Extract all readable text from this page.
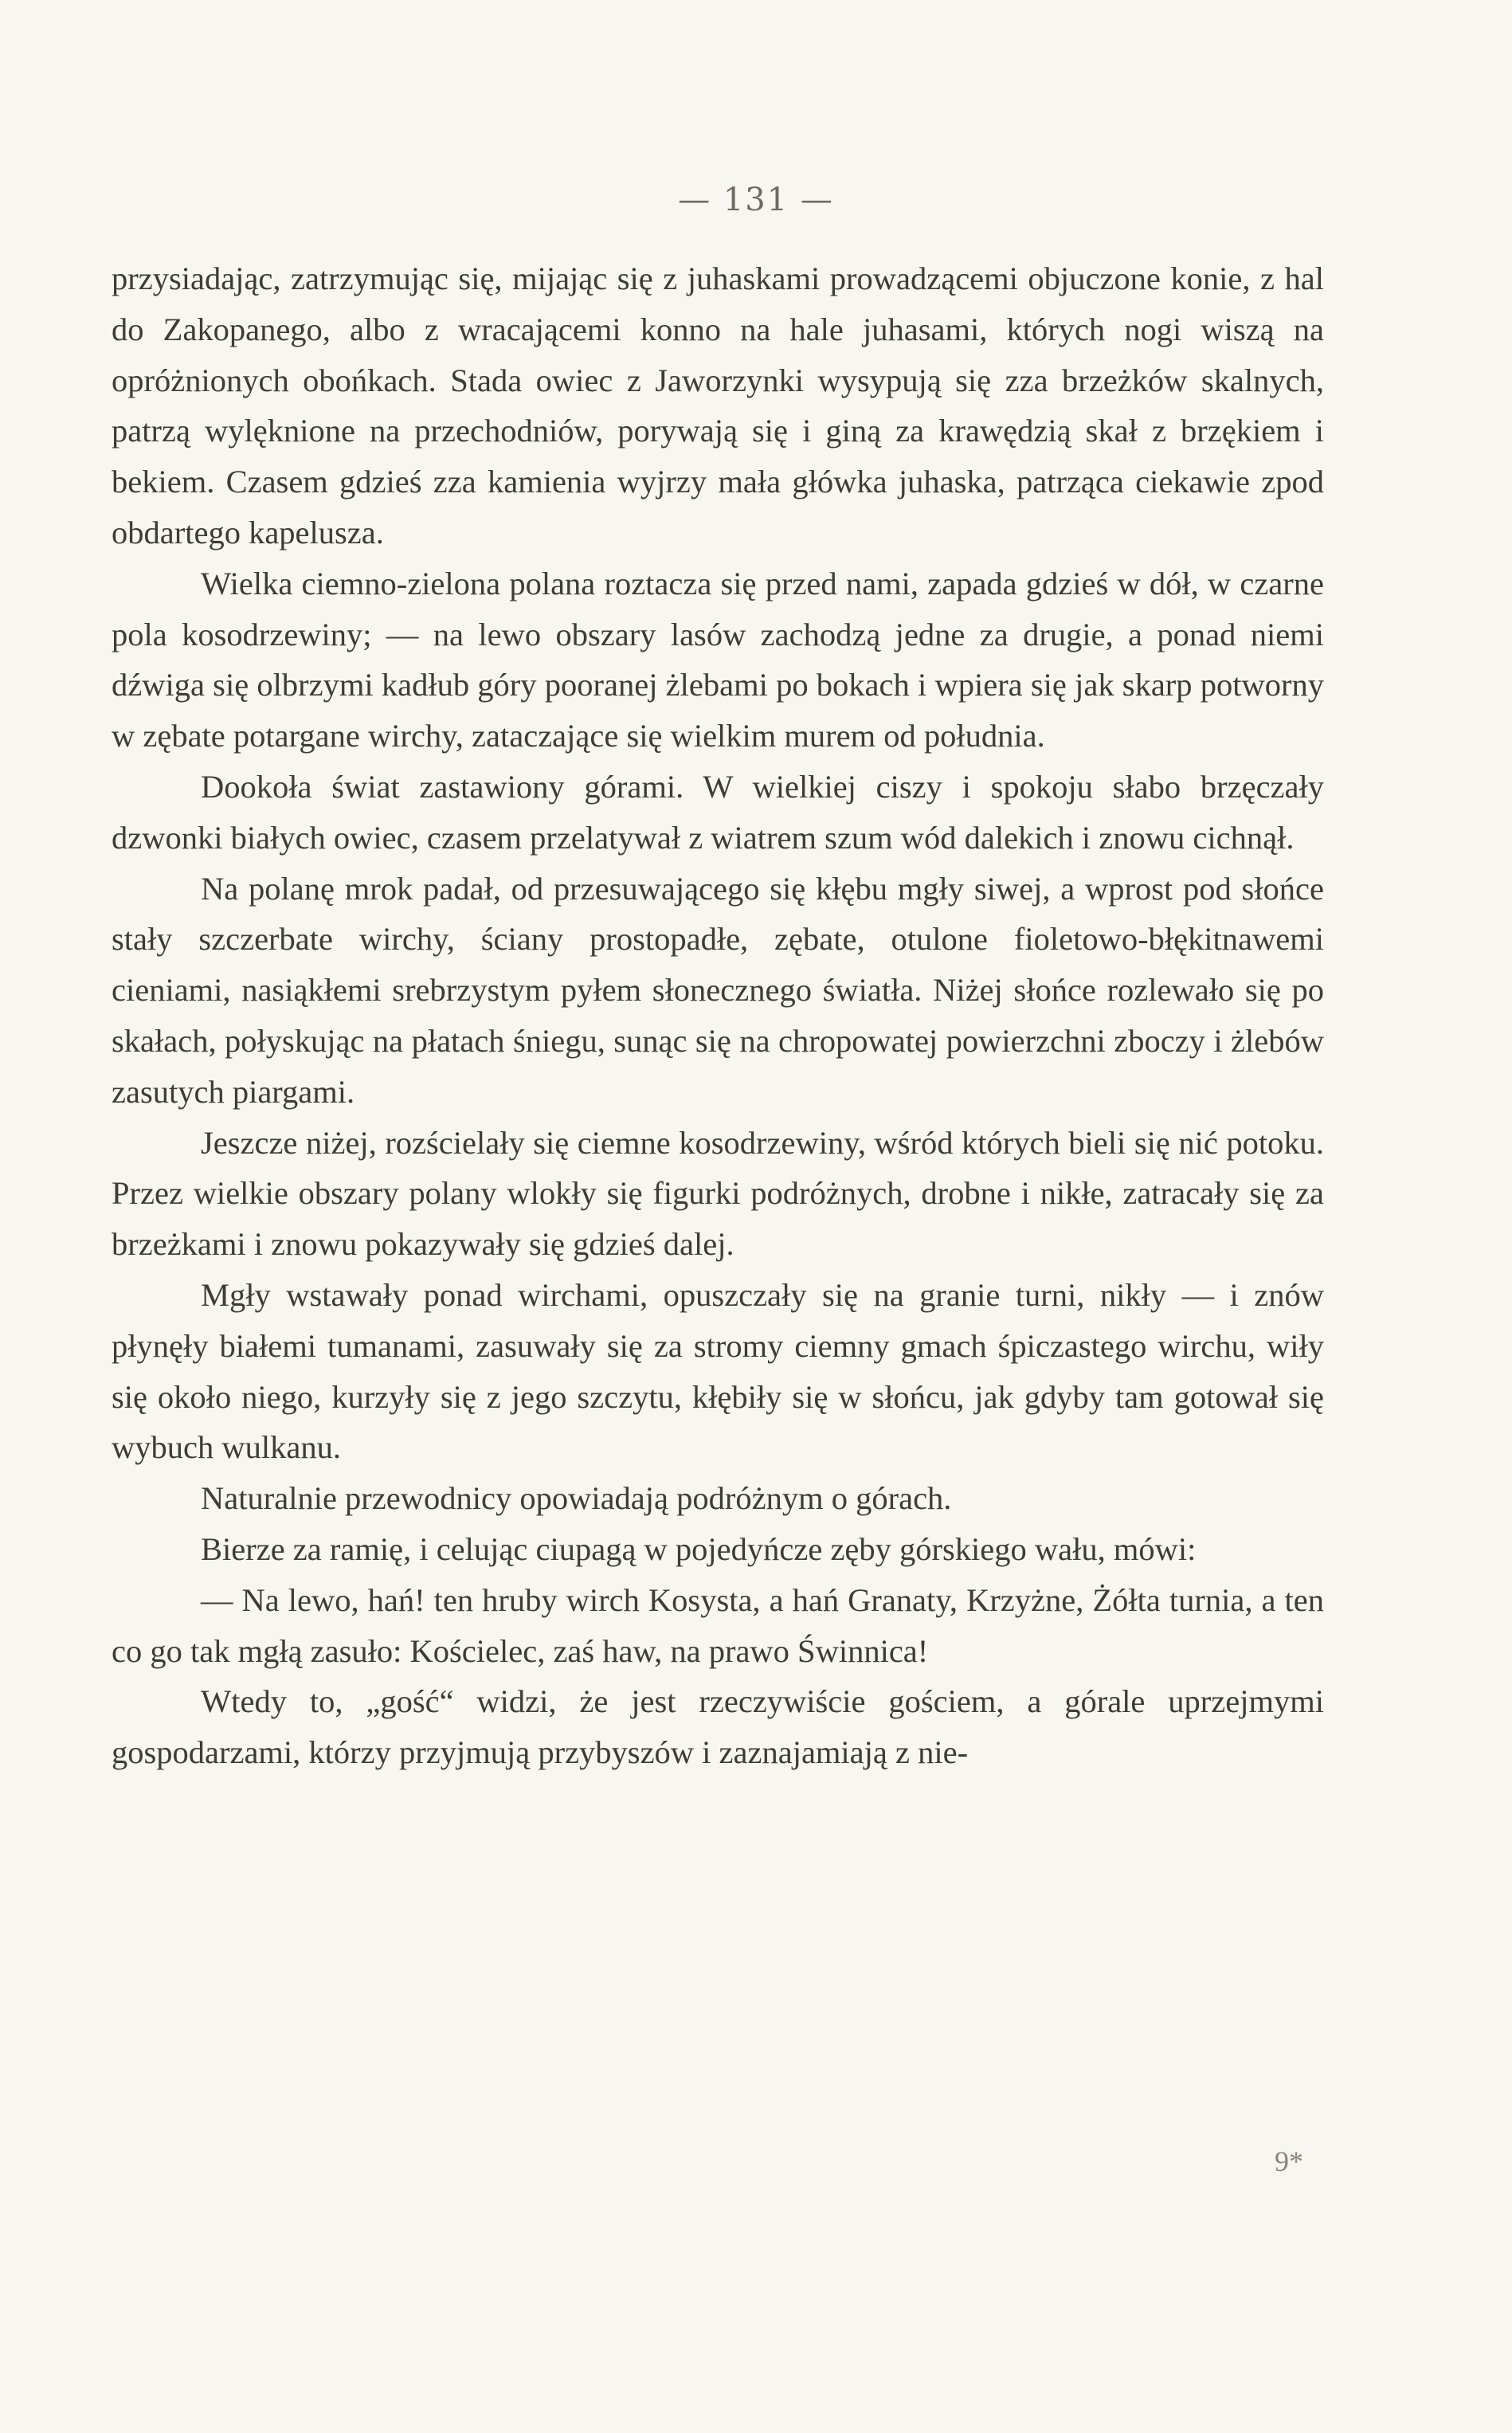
— 131 —

przysiadając, zatrzymując się, mijając się z juhaskami prowadzącemi objuczone konie, z hal do Zakopanego, albo z wracającemi konno na hale juhasami, których nogi wiszą na opróżnionych obońkach. Stada owiec z Jaworzynki wysypują się zza brzeżków skalnych, patrzą wylęknione na przechodniów, porywają się i giną za krawędzią skał z brzękiem i bekiem. Czasem gdzieś zza kamienia wyjrzy mała główka juhaska, patrząca ciekawie zpod obdartego kapelusza.

Wielka ciemno-zielona polana roztacza się przed nami, zapada gdzieś w dół, w czarne pola kosodrzewiny; — na lewo obszary lasów zachodzą jedne za drugie, a ponad niemi dźwiga się olbrzymi kadłub góry pooranej żlebami po bokach i wpiera się jak skarp potworny w zębate potargane wirchy, zataczające się wielkim murem od południa.

Dookoła świat zastawiony górami. W wielkiej ciszy i spokoju słabo brzęczały dzwonki białych owiec, czasem przelatywał z wiatrem szum wód dalekich i znowu cichnął.

Na polanę mrok padał, od przesuwającego się kłębu mgły siwej, a wprost pod słońce stały szczerbate wirchy, ściany prostopadłe, zębate, otulone fioletowo-błękitnawemi cieniami, nasiąkłemi srebrzystym pyłem słonecznego światła. Niżej słońce rozlewało się po skałach, połyskując na płatach śniegu, sunąc się na chropowatej powierzchni zboczy i żlebów zasutych piargami.

Jeszcze niżej, rozścielały się ciemne kosodrzewiny, wśród których bieli się nić potoku. Przez wielkie obszary polany wlokły się figurki podróżnych, drobne i nikłe, zatracały się za brzeżkami i znowu pokazywały się gdzieś dalej.

Mgły wstawały ponad wirchami, opuszczały się na granie turni, nikły — i znów płynęły białemi tumanami, zasuwały się za stromy ciemny gmach śpiczastego wirchu, wiły się około niego, kurzyły się z jego szczytu, kłębiły się w słońcu, jak gdyby tam gotował się wybuch wulkanu.

Naturalnie przewodnicy opowiadają podróżnym o górach.

Bierze za ramię, i celując ciupagą w pojedyńcze zęby górskiego wału, mówi:

— Na lewo, hań! ten hruby wirch Kosysta, a hań Granaty, Krzyżne, Żółta turnia, a ten co go tak mgłą zasuło: Kościelec, zaś haw, na prawo Świnnica!

Wtedy to, „gość“ widzi, że jest rzeczywiście gościem, a górale uprzejmymi gospodarzami, którzy przyjmują przybyszów i zaznajamiają z nie-

9*
